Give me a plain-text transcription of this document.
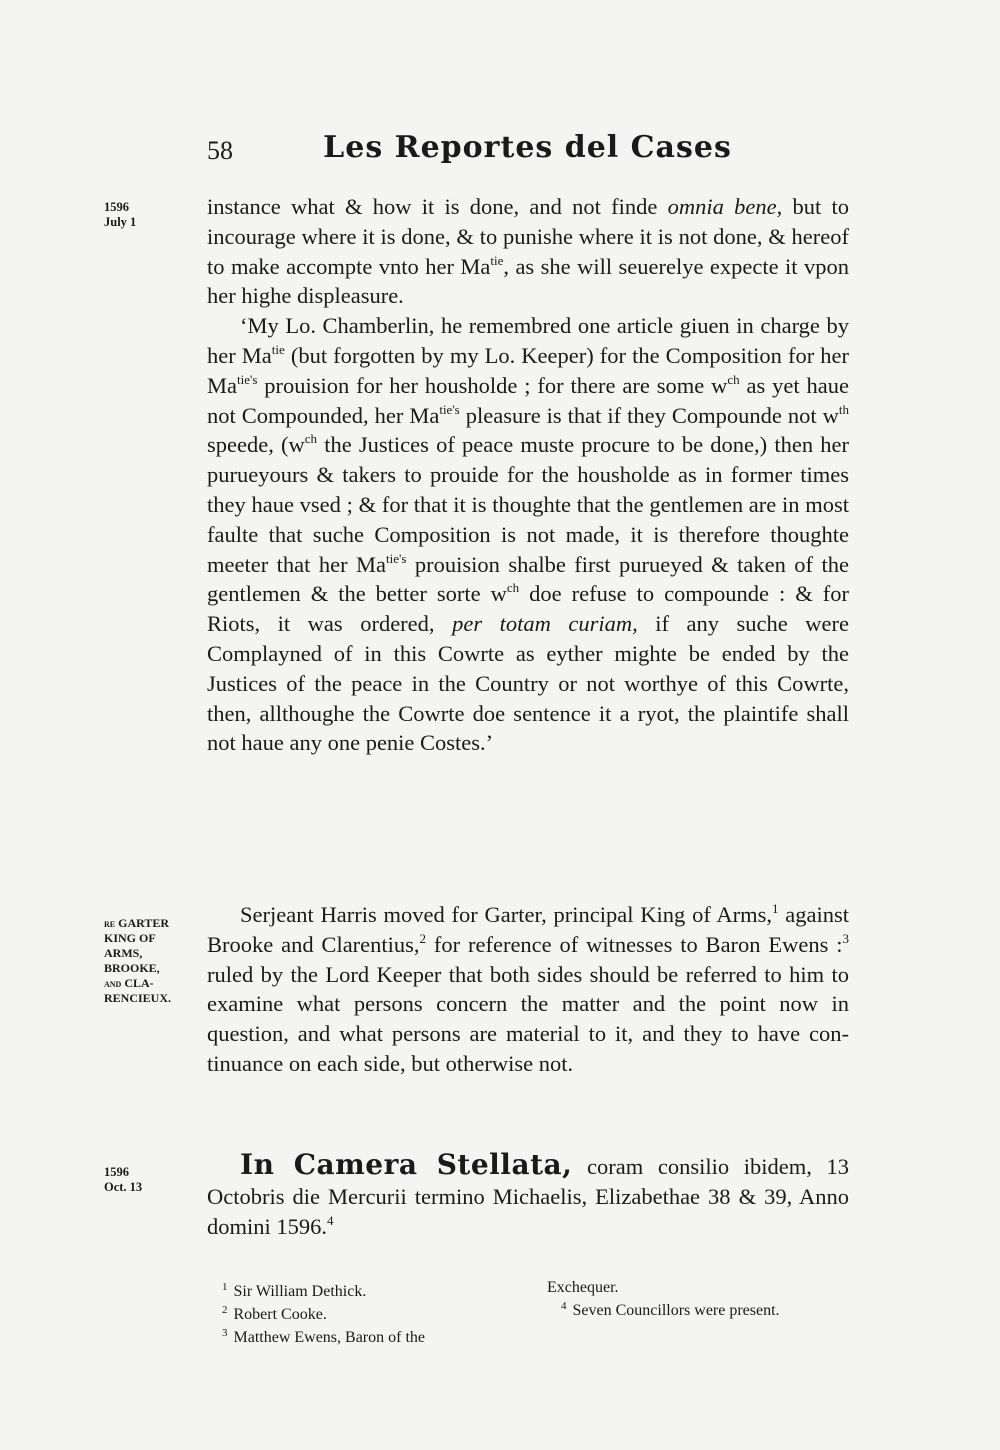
58	Les Reportes del Cases
1596
July 1
re GARTER
KING OF
ARMS,
BROOKE,
and CLA-
RENCIEUX.
1596
Oct. 13

instance what & how it is done, and not finde omnia bene, but to incourage where it is done, & to punishe where it is not done, & hereof to make accompte vnto her $Ma^{tie}$, as she will seuerelye expecte it vpon her highe displeasure.

‘My Lo. Chamberlin, he remembred one article giuen in charge by her $Ma^{tie}$ (but forgotten by my Lo. Keeper) for the Composition for her $Ma^{tie's}$ prouision for her housholde ; for there are some $w^{ch}$ as yet haue not Compounded, her $Ma^{tie's}$ pleasure is that if they Compounde not $w^{th}$ speede, ($w^{ch}$ the Justices of peace muste procure to be done,) then her purueyours & takers to prouide for the housholde as in former times they haue vsed ; & for that it is thoughte that the gentlemen are in most faulte that suche Composition is not made, it is therefore thoughte meeter that her $Ma^{tie's}$ prouision shalbe first purueyed & taken of the gentlemen & the better sorte $w^{ch}$ doe refuse to compounde : & for Riots, it was ordered, per totam curiam, if any suche were Complayned of in this Cowrte as eyther mighte be ended by the Justices of the peace in the Country or not worthye of this Cowrte, then, allthoughe the Cowrte doe sentence it a ryot, the plaintife shall not haue any one penie Costes.’

Serjeant Harris moved for Garter, principal King of Arms,$^1$ against Brooke and Clarentius,$^2$ for reference of witnesses to Baron Ewens :$^3$ ruled by the Lord Keeper that both sides should be referred to him to examine what persons concern the matter and the point now in question, and what persons are material to it, and they to have continuance on each side, but otherwise not.

In Camera Stellata, coram consilio ibidem, 13 Octobris die Mercurii termino Michaelis, Elizabethae 38 & 39, Anno domini 1596.$^4$

$^1$ Sir William Dethick.
$^2$ Robert Cooke.
$^3$ Matthew Ewens, Baron of the
Exchequer.
$^4$ Seven Councillors were present.
